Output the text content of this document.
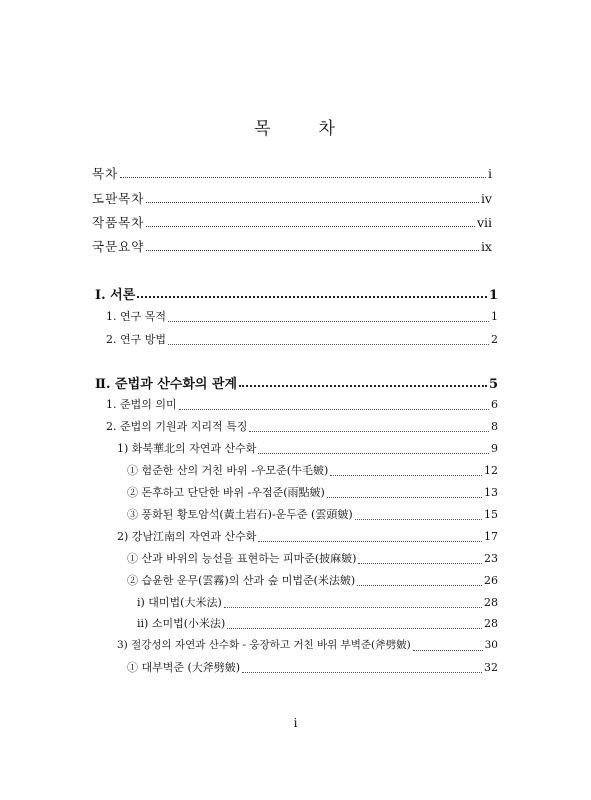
목	차
목차	i
도판목차	iv
작품목차	vii
국문요약	ix
Ⅰ. 서론	1
1. 연구 목적	1
2. 연구 방법	2
Ⅱ. 준법과 산수화의 관계	5
1. 준법의 의미	6
2. 준법의 기원과 지리적 특징	8
1) 화북華北의 자연과 산수화	9
① 험준한 산의 거친 바위 -우모준(牛毛皴)	12
② 돈후하고 단단한 바위 -우점준(雨點皴)	13
③ 풍화된 황토암석(黃土岩石)-운두준 (雲頭皴)	15
2) 강남江南의 자연과 산수화	17
① 산과 바위의 능선을 표현하는 피마준(披麻皴)	23
② 습윤한 운무(雲霧)의 산과 숲 미법준(米法皴)	26
ⅰ) 대미법(大米法)	28
ⅱ) 소미법(小米法)	28
3) 절강성의 자연과 산수화 - 웅장하고 거친 바위 부벽준(斧劈皴)	30
① 대부벽준 (大斧劈皴)	32
i
